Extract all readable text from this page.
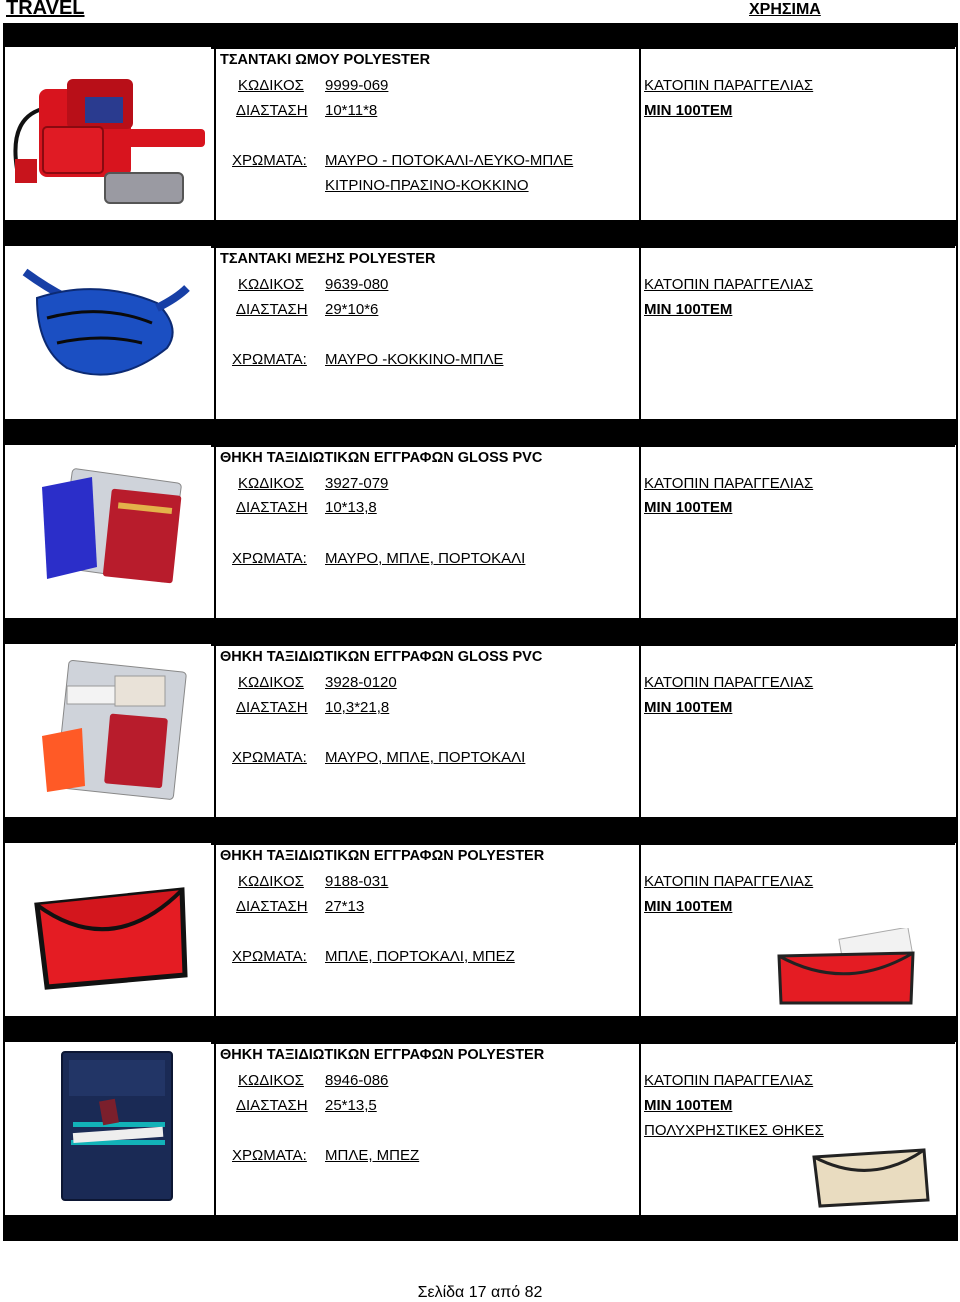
TRAVEL	ΧΡΗΣΙΜΑ
ΤΣΑΝΤΑΚΙ ΩΜΟΥ POLYESTER
ΚΩΔΙΚΟΣ 9999-069
ΔΙΑΣΤΑΣΗ 10*11*8
ΧΡΩΜΑΤΑ: ΜΑΥΡΟ - ΠΟΤΟΚΑΛΙ-ΛΕΥΚΟ-ΜΠΛΕ
ΚΙΤΡΙΝΟ-ΠΡΑΣΙΝΟ-ΚΟΚΚΙΝΟ
ΚΑΤΟΠΙΝ ΠΑΡΑΓΓΕΛΙΑΣ
MIN 100TEM
ΤΣΑΝΤΑΚΙ ΜΕΣΗΣ POLYESTER
ΚΩΔΙΚΟΣ 9639-080
ΔΙΑΣΤΑΣΗ 29*10*6
ΧΡΩΜΑΤΑ: ΜΑΥΡΟ -ΚΟΚΚΙΝΟ-ΜΠΛΕ
ΚΑΤΟΠΙΝ ΠΑΡΑΓΓΕΛΙΑΣ
MIN 100TEM
ΘΗΚΗ ΤΑΞΙΔΙΩΤΙΚΩΝ ΕΓΓΡΑΦΩΝ GLOSS PVC
ΚΩΔΙΚΟΣ 3927-079
ΔΙΑΣΤΑΣΗ 10*13,8
ΧΡΩΜΑΤΑ: ΜΑΥΡΟ, ΜΠΛΕ, ΠΟΡΤΟΚΑΛΙ
ΚΑΤΟΠΙΝ ΠΑΡΑΓΓΕΛΙΑΣ
MIN 100TEM
ΘΗΚΗ ΤΑΞΙΔΙΩΤΙΚΩΝ ΕΓΓΡΑΦΩΝ GLOSS PVC
ΚΩΔΙΚΟΣ 3928-0120
ΔΙΑΣΤΑΣΗ 10,3*21,8
ΧΡΩΜΑΤΑ: ΜΑΥΡΟ, ΜΠΛΕ, ΠΟΡΤΟΚΑΛΙ
ΚΑΤΟΠΙΝ ΠΑΡΑΓΓΕΛΙΑΣ
MIN 100TEM
ΘΗΚΗ ΤΑΞΙΔΙΩΤΙΚΩΝ ΕΓΓΡΑΦΩΝ POLYESTER
ΚΩΔΙΚΟΣ 9188-031
ΔΙΑΣΤΑΣΗ 27*13
ΧΡΩΜΑΤΑ: ΜΠΛΕ, ΠΟΡΤΟΚΑΛΙ, ΜΠΕΖ
ΚΑΤΟΠΙΝ ΠΑΡΑΓΓΕΛΙΑΣ
MIN 100TEM
ΘΗΚΗ ΤΑΞΙΔΙΩΤΙΚΩΝ ΕΓΓΡΑΦΩΝ POLYESTER
ΚΩΔΙΚΟΣ 8946-086
ΔΙΑΣΤΑΣΗ 25*13,5
ΧΡΩΜΑΤΑ: ΜΠΛΕ, ΜΠΕΖ
ΚΑΤΟΠΙΝ ΠΑΡΑΓΓΕΛΙΑΣ
MIN 100TEM
ΠΟΛΥΧΡΗΣΤΙΚΕΣ ΘΗΚΕΣ
Σελίδα 17 από 82
